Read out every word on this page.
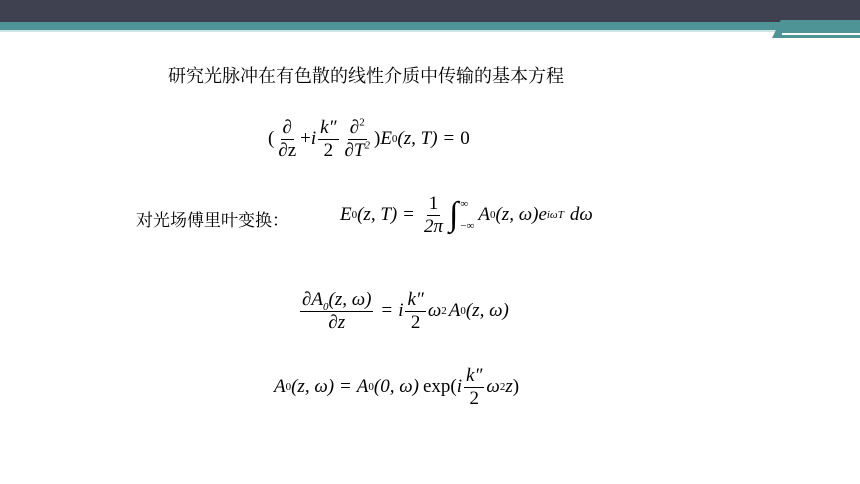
研究光脉冲在有色散的线性介质中传输的基本方程
( $\frac{\partial}{\partial z} + i \frac{k''}{2} \frac{\partial^2}{\partial T^2}$ ) E 0 (z, T) = 0
对光场傅里叶变换：	E 0 (z, $T) = \frac{1}{2\pi}$ ∫ ∞
−∞
A 0 (z, ω) e iωT d ω
$\frac{\partial A_0(z, \omega)}{\partial z} = i \frac{k''}{2}$ ω 2 A 0 (z, ω)
A 0 (z, ω) = A 0 (0, ω) exp( i $\frac{k''}{2}$ ω 2 z )
